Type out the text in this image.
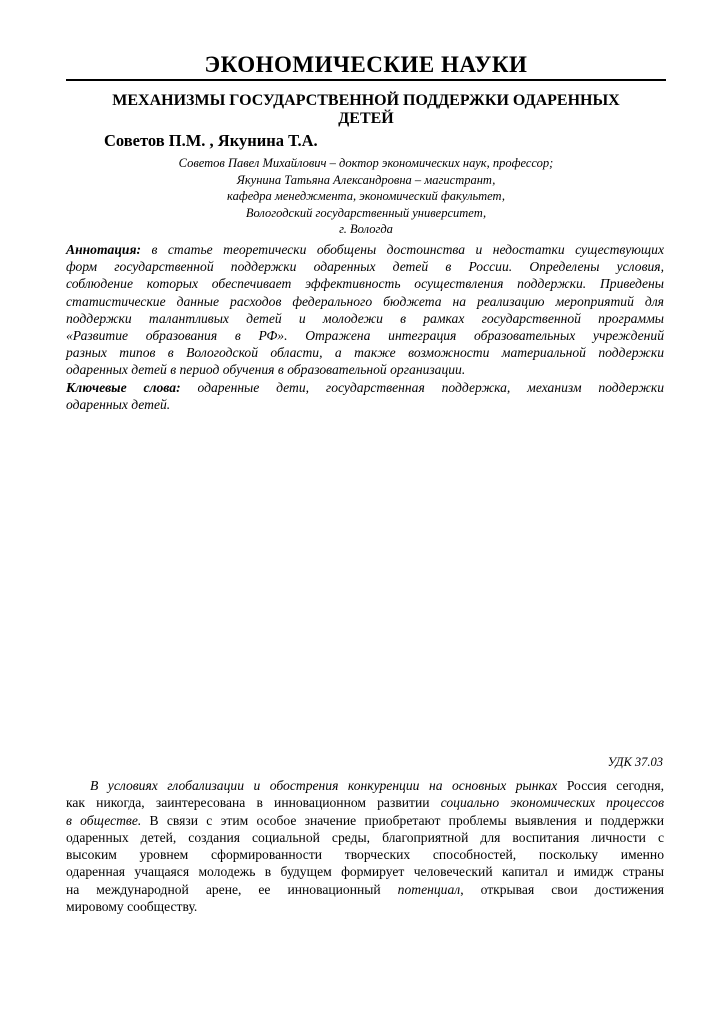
ЭКОНОМИЧЕСКИЕ НАУКИ
МЕХАНИЗМЫ ГОСУДАРСТВЕННОЙ ПОДДЕРЖКИ ОДАРЕННЫХ
ДЕТЕЙ
Советов П.М. , Якунина Т.А.
Советов Павел Михайлович – доктор экономических наук, профессор;
Якунина Татьяна Александровна – магистрант,
кафедра менеджмента, экономический факультет,
Вологодский государственный университет,
г. Вологда
Аннотация: в статье теоретически обобщены достоинства и недостатки существующих
форм государственной поддержки одаренных детей в России. Определены условия,
соблюдение которых обеспечивает эффективность осуществления поддержки. Приведены
статистические данные расходов федерального бюджета на реализацию мероприятий для
поддержки талантливых детей и молодежи в рамках государственной программы
«Развитие образования в РФ». Отражена интеграция образовательных учреждений
разных типов в Вологодской области, а также возможности материальной поддержки
одаренных детей в период обучения в образовательной организации.
Ключевые слова: одаренные дети, государственная поддержка, механизм поддержки
одаренных детей.
УДК 37.03
В условиях глобализации и обострения конкуренции на основных рынках Россия сегодня,
как никогда, заинтересована в инновационном развитии социально экономических процессов
в обществе. В связи с этим особое значение приобретают проблемы выявления и поддержки
одаренных детей, создания социальной среды, благоприятной для воспитания личности с
высоким уровнем сформированности творческих способностей, поскольку именно
одаренная учащаяся молодежь в будущем формирует человеческий капитал и имидж страны
на международной арене, ее инновационный потенциал, открывая свои достижения
мировому сообществу.
